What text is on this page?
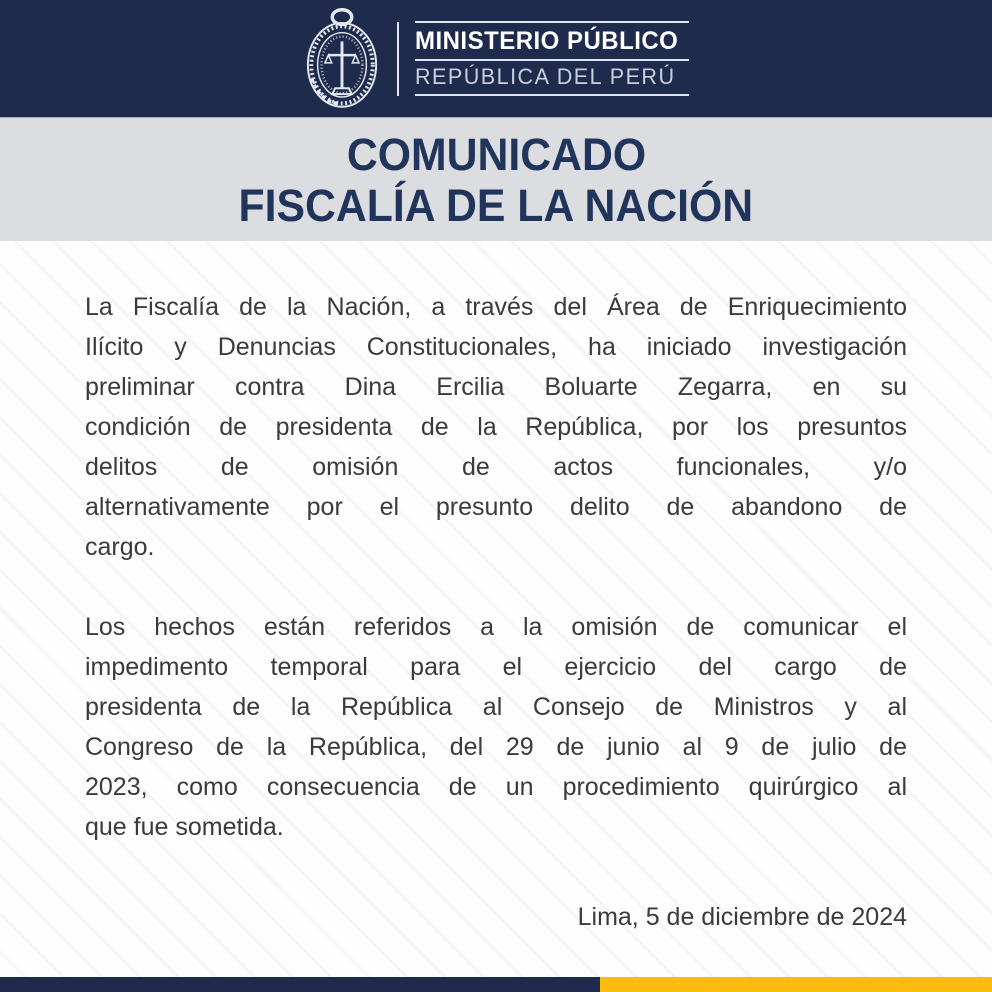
MINISTERIO PÚBLICO
REPÚBLICA DEL PERÚ
COMUNICADO
FISCALÍA DE LA NACIÓN
La Fiscalía de la Nación, a través del Área de Enriquecimiento
Ilícito y Denuncias Constitucionales, ha iniciado investigación
preliminar contra Dina Ercilia Boluarte Zegarra, en su
condición de presidenta de la República, por los presuntos
delitos de omisión de actos funcionales, y/o
alternativamente por el presunto delito de abandono de
cargo.
Los hechos están referidos a la omisión de comunicar el
impedimento temporal para el ejercicio del cargo de
presidenta de la República al Consejo de Ministros y al
Congreso de la República, del 29 de junio al 9 de julio de
2023, como consecuencia de un procedimiento quirúrgico al
que fue sometida.
Lima, 5 de diciembre de 2024
